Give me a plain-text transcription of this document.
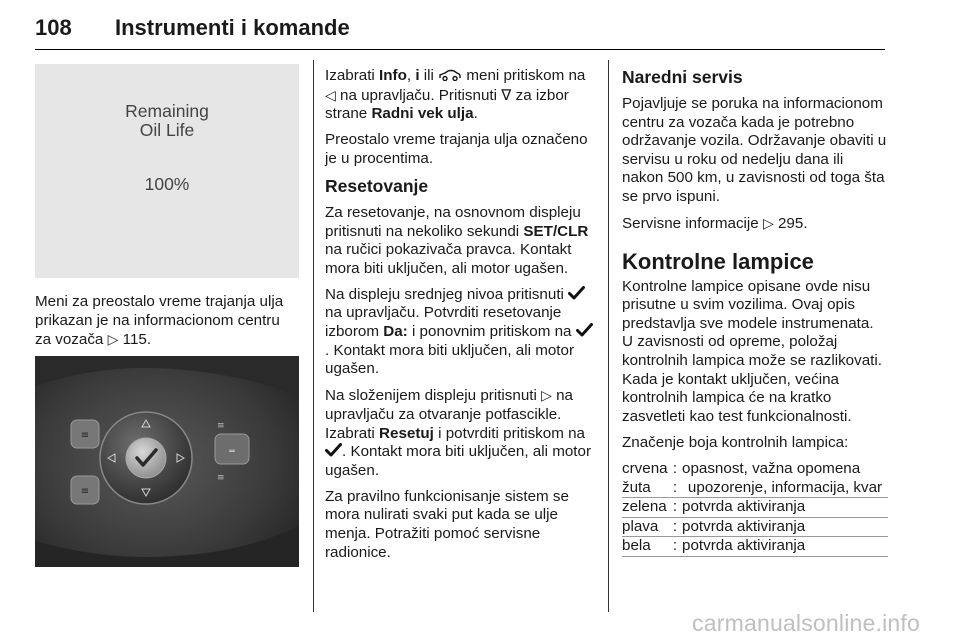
108 Instrumenti i komande
Remaining
Oil Life
100%
Meni za preostalo vreme trajanja ulja prikazan je na informacionom centru za vozača ▷ 115.
≡
≡
═
≡
≡

Izabrati Info, i ili  meni pritiskom na ◁ na upravljaču. Pritisnuti ∇ za izbor strane Radni vek ulja.

Preostalo vreme trajanja ulja označeno je u procentima.

Resetovanje

Za resetovanje, na osnovnom displeju pritisnuti na nekoliko sekundi SET/CLR na ručici pokazivača pravca. Kontakt mora biti uključen, ali motor ugašen.

Na displeju srednjeg nivoa pritisnuti  na upravljaču. Potvrditi resetovanje izborom Da: i ponovnim pritiskom na . Kontakt mora biti uključen, ali motor ugašen.

Na složenijem displeju pritisnuti ▷ na upravljaču za otvaranje potfascikle. Izabrati Resetuj i potvrditi pritiskom na . Kontakt mora biti uključen, ali motor ugašen.

Za pravilno funkcionisanje sistem se mora nulirati svaki put kada se ulje menja. Potražiti pomoć servisne radionice.

Naredni servis

Pojavljuje se poruka na informacionom centru za vozača kada je potrebno održavanje vozila. Održavanje obaviti u servisu u roku od nedelju dana ili nakon 500 km, u zavisnosti od toga šta se prvo ispuni.

Servisne informacije ▷ 295.

Kontrolne lampice

Kontrolne lampice opisane ovde nisu prisutne u svim vozilima. Ovaj opis predstavlja sve modele instrumenata. U zavisnosti od opreme, položaj kontrolnih lampica može se razlikovati. Kada je kontakt uključen, većina kontrolnih lampica će na kratko zasvetleti kao test funkcionalnosti.

Značenje boja kontrolnih lampica:

crvena	:	opasnost, važna opomena
žuta	:	upozorenje, informacija, kvar
zelena	:	potvrda aktiviranja
plava	:	potvrda aktiviranja
bela	:	potvrda aktiviranja
carmanualsonline.info
